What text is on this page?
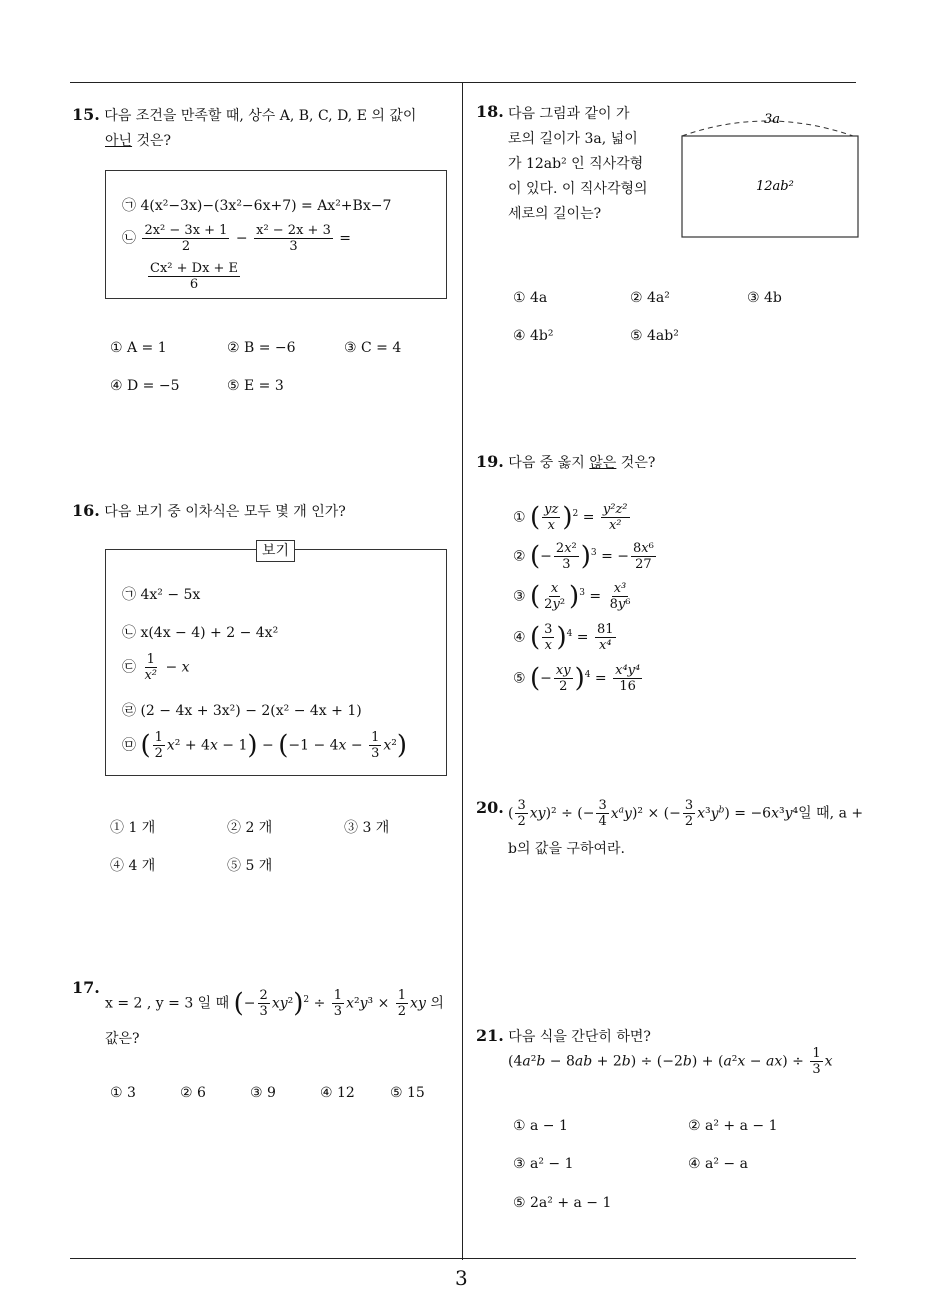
15. 다음 조건을 만족할 때, 상수 A, B, C, D, E 의 값이
아닌 것은?
㉠ 4(x²−3x)−(3x²−6x+7) = Ax²+Bx−7
㉡ $\frac{\text{2x² − 3x + 1}}{2} - \frac{\text{x² − 2x + 3}}{3}$ =
$\frac{\text{Cx² + Dx + E}}{6}$
① A = 1	② B = −6	③ C = 4
④ D = −5	⑤ E = 3
16. 다음 보기 중 이차식은 모두 몇 개 인가?
㉠ 4x² − 5x
㉡ x(4x − 4) + 2 − 4x²
㉢ $\frac{1}{\text{x²}} - x$
㉣ (2 − 4x + 3x²) − 2(x² − 4x + 1)
㉤ ( $\frac{1}{2} x^2 + 4x - 1) - (-1 - 4x - \frac{1}{3} x^2)$
보기
① 1 개	② 2 개	③ 3 개
④ 4 개	⑤ 5 개
17.
x = 2 , y = 3 일 때 (− $\frac{2}{3} xy^2)^2 \div \frac{1}{3} x^2y^3 \times \frac{1}{2}$ xy 의
값은?
① 3	② 6	③ 9	④ 12	⑤ 15
18. 다음 그림과 같이 가
로의 길이가 3a, 넓이
가 12ab² 인 직사각형
이 있다. 이 직사각형의
세로의 길이는?
3a
12ab²
① 4a	② 4a²	③ 4b
④ 4b²	⑤ 4ab²
19. 다음 중 옳지 않은 것은?
① ( $\frac{yz}{x} )^2 = \frac{\text{y²z²}}{\text{x²}}$
② (− $\frac{\text{2x²}}{3} )^3$ = − $\frac{\text{8x⁶}}{27}$
③ ( $\frac{x}{\text{2y²}} )^3 = \frac{\text{x³}}{\text{8y⁶}}$
④ ( $\frac{3}{x} )^4 = \frac{81}{\text{x⁴}}$
⑤ (− $\frac{xy}{2} )^4 = \frac{\text{x⁴y⁴}}{16}$
20. ( $\frac{3}{2} xy)^2$ ÷ (− $\frac{3}{4} x^ay)^2$ × (− $\frac{3}{2} x^3y^b) = -6x^3y^4$일 때, a +
b의 값을 구하여라.
21. 다음 식을 간단히 하면?
$(4a^2b - 8ab + 2b) \div (-2b) + (a^2x - ax) \div \frac{1}{3}$ x
① a − 1	② a² + a − 1
③ a² − 1	④ a² − a
⑤ 2a² + a − 1
3
